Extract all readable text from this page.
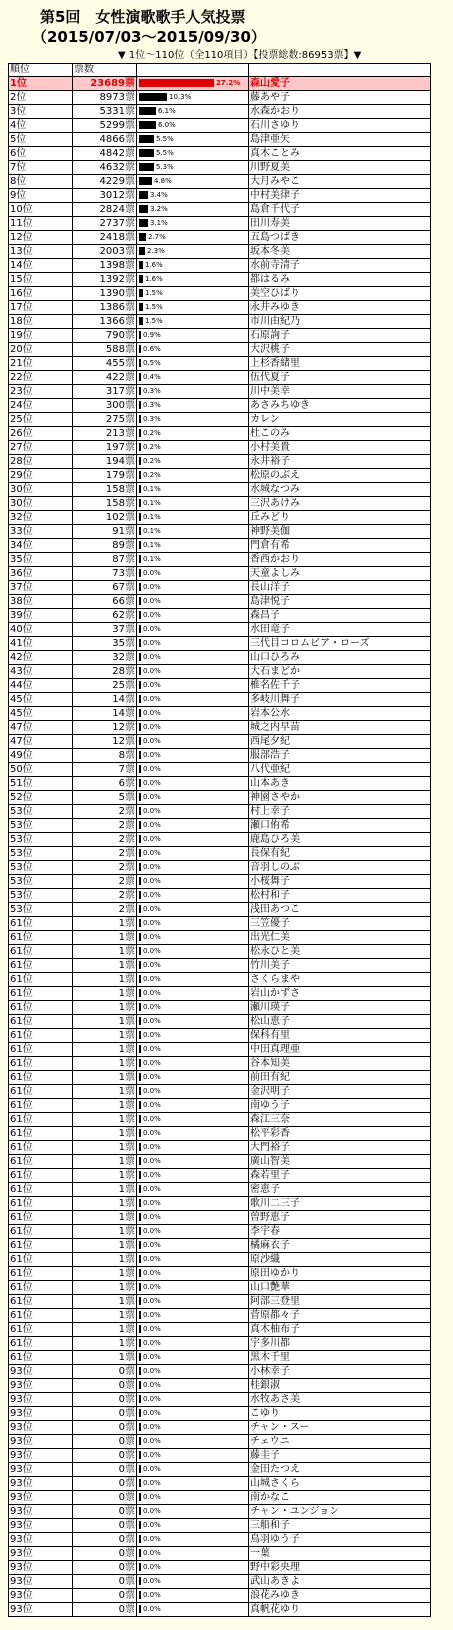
第5回　女性演歌歌手人気投票
（2015/07/03～2015/09/30）
▼ 1位～110位（全110項目）【投票総数:86953票】▼
順位	票数		
1位	23689票	27.2%	森山愛子
2位	8973票	10.3%	藤あや子
3位	5331票	6.1%	水森かおり
4位	5299票	6.0%	石川さゆり
5位	4866票	5.5%	島津亜矢
6位	4842票	5.5%	真木ことみ
7位	4632票	5.3%	川野夏美
8位	4229票	4.8%	大月みやこ
9位	3012票	3.4%	中村美律子
10位	2824票	3.2%	島倉千代子
11位	2737票	3.1%	田川寿美
12位	2418票	2.7%	五島つばき
13位	2003票	2.3%	坂本冬美
14位	1398票	1.6%	水前寺清子
15位	1392票	1.6%	都はるみ
16位	1390票	1.5%	美空ひばり
17位	1386票	1.5%	永井みゆき
18位	1366票	1.5%	市川由紀乃
19位	790票	0.9%	石原詢子
20位	588票	0.6%	大沢桃子
21位	455票	0.5%	上杉香緒里
22位	422票	0.4%	伍代夏子
23位	317票	0.3%	川中美幸
24位	300票	0.3%	あさみちゆき
25位	275票	0.3%	カレン
26位	213票	0.2%	杜このみ
27位	197票	0.2%	小村美貴
28位	194票	0.2%	永井裕子
29位	179票	0.2%	松原のぶえ
30位	158票	0.1%	水城なつみ
30位	158票	0.1%	三沢あけみ
32位	102票	0.1%	丘みどり
33位	91票	0.1%	神野美伽
34位	89票	0.1%	門倉有希
35位	87票	0.1%	香西かおり
36位	73票	0.0%	天童よしみ
37位	67票	0.0%	長山洋子
38位	66票	0.0%	島津悦子
39位	62票	0.0%	森昌子
40位	37票	0.0%	水田竜子
41位	35票	0.0%	三代目コロムビア・ローズ
42位	32票	0.0%	山口ひろみ
43位	28票	0.0%	大石まどか
44位	25票	0.0%	椎名佐千子
45位	14票	0.0%	多岐川舞子
45位	14票	0.0%	岩本公水
47位	12票	0.0%	城之内早苗
47位	12票	0.0%	西尾夕紀
49位	8票	0.0%	服部浩子
50位	7票	0.0%	八代亜紀
51位	6票	0.0%	山本あき
52位	5票	0.0%	神園さやか
53位	2票	0.0%	村上幸子
53位	2票	0.0%	瀬口侑希
53位	2票	0.0%	鹿島ひろ美
53位	2票	0.0%	長保有紀
53位	2票	0.0%	音羽しのぶ
53位	2票	0.0%	小桜舞子
53位	2票	0.0%	松村和子
53位	2票	0.0%	浅田あつこ
61位	1票	0.0%	三笠優子
61位	1票	0.0%	出光仁美
61位	1票	0.0%	松永ひと美
61位	1票	0.0%	竹川美子
61位	1票	0.0%	さくらまや
61位	1票	0.0%	岩山かずさ
61位	1票	0.0%	瀬川瑛子
61位	1票	0.0%	松山恵子
61位	1票	0.0%	保科有里
61位	1票	0.0%	中田真理亜
61位	1票	0.0%	谷本知美
61位	1票	0.0%	前田有紀
61位	1票	0.0%	金沢明子
61位	1票	0.0%	南ゆう子
61位	1票	0.0%	森江三奈
61位	1票	0.0%	松平彩香
61位	1票	0.0%	大門裕子
61位	1票	0.0%	廣山智美
61位	1票	0.0%	森若里子
61位	1票	0.0%	密恵子
61位	1票	0.0%	歌川二三子
61位	1票	0.0%	曽野恵子
61位	1票	0.0%	李宇春
61位	1票	0.0%	橘麻衣子
61位	1票	0.0%	原沙織
61位	1票	0.0%	原田ゆかり
61位	1票	0.0%	山口艶華
61位	1票	0.0%	阿部三登里
61位	1票	0.0%	菅原都々子
61位	1票	0.0%	真木柚布子
61位	1票	0.0%	宇多川都
61位	1票	0.0%	黒木千里
93位	0票	0.0%	小林幸子
93位	0票	0.0%	桂銀淑
93位	0票	0.0%	水牧あさ美
93位	0票	0.0%	こゆり
93位	0票	0.0%	チャン・スー
93位	0票	0.0%	チェウニ
93位	0票	0.0%	藤圭子
93位	0票	0.0%	金田たつえ
93位	0票	0.0%	山城さくら
93位	0票	0.0%	南かなこ
93位	0票	0.0%	チャン・ユンジョン
93位	0票	0.0%	三船和子
93位	0票	0.0%	鳥羽ゆう子
93位	0票	0.0%	一葉
93位	0票	0.0%	野中彩央理
93位	0票	0.0%	武山あきよ
93位	0票	0.0%	浪花みゆき
93位	0票	0.0%	真帆花ゆり
